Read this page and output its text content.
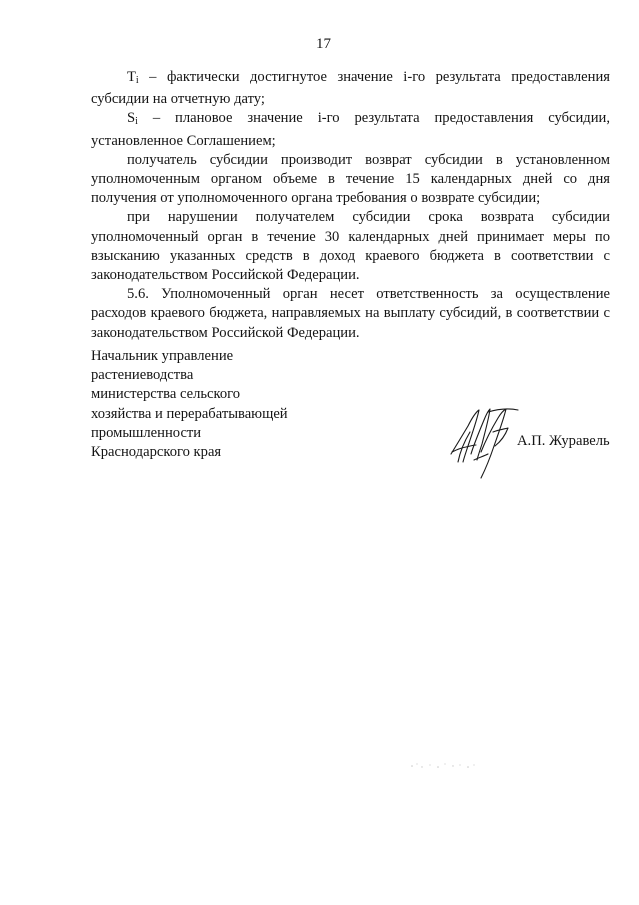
17

$T_i$ – фактически достигнутое значение i-го результата предоставления субсидии на отчетную дату;

$S_i$ – плановое значение i-го результата предоставления субсидии, установленное Соглашением;

получатель субсидии производит возврат субсидии в установленном уполномоченным органом объеме в течение 15 календарных дней со дня получения от уполномоченного органа требования о возврате субсидии;

при нарушении получателем субсидии срока возврата субсидии уполномоченный орган в течение 30 календарных дней принимает меры по взысканию указанных средств в доход краевого бюджета в соответствии с законодательством Российской Федерации.

5.6. Уполномоченный орган несет ответственность за осуществление расходов краевого бюджета, направляемых на выплату субсидий, в соответствии с законодательством Российской Федерации.

Начальник управление
растениеводства
министерства сельского
хозяйства и перерабатывающей
промышленности
Краснодарского края
А.П. Журавель
